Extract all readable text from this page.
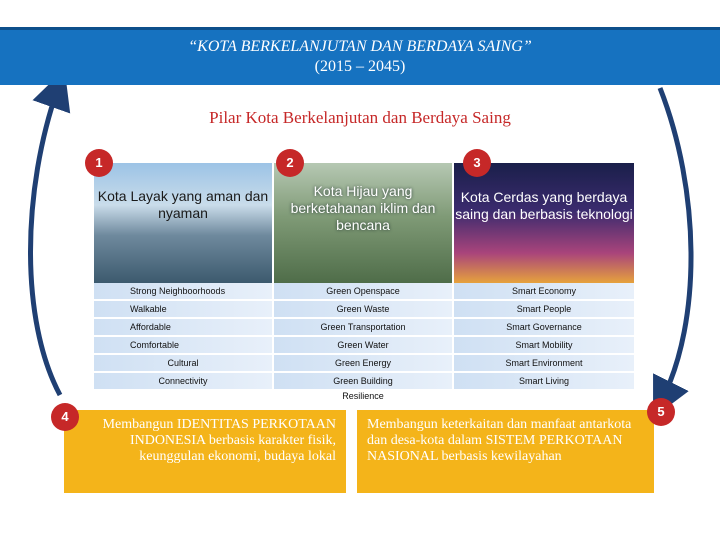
“KOTA BERKELANJUTAN DAN BERDAYA SAING”
(2015 – 2045)
Pilar Kota Berkelanjutan dan Berdaya Saing
Kota Layak yang aman dan nyaman
Kota Hijau yang berketahanan iklim dan bencana
Kota Cerdas yang berdaya saing dan berbasis teknologi
1	2	3
Strong Neighboorhoods
Walkable
Affordable
Comfortable
Cultural
Connectivity
Green Openspace
Green Waste
Green Transportation
Green Water
Green Energy
Green Building
Resilience
Smart Economy
Smart People
Smart Governance
Smart Mobility
Smart Environment
Smart Living
Membangun IDENTITAS PERKOTAAN INDONESIA berbasis karakter fisik, keunggulan ekonomi, budaya lokal
Membangun keterkaitan dan manfaat antarkota dan desa-kota dalam SISTEM PERKOTAAN NASIONAL berbasis kewilayahan
4	5
